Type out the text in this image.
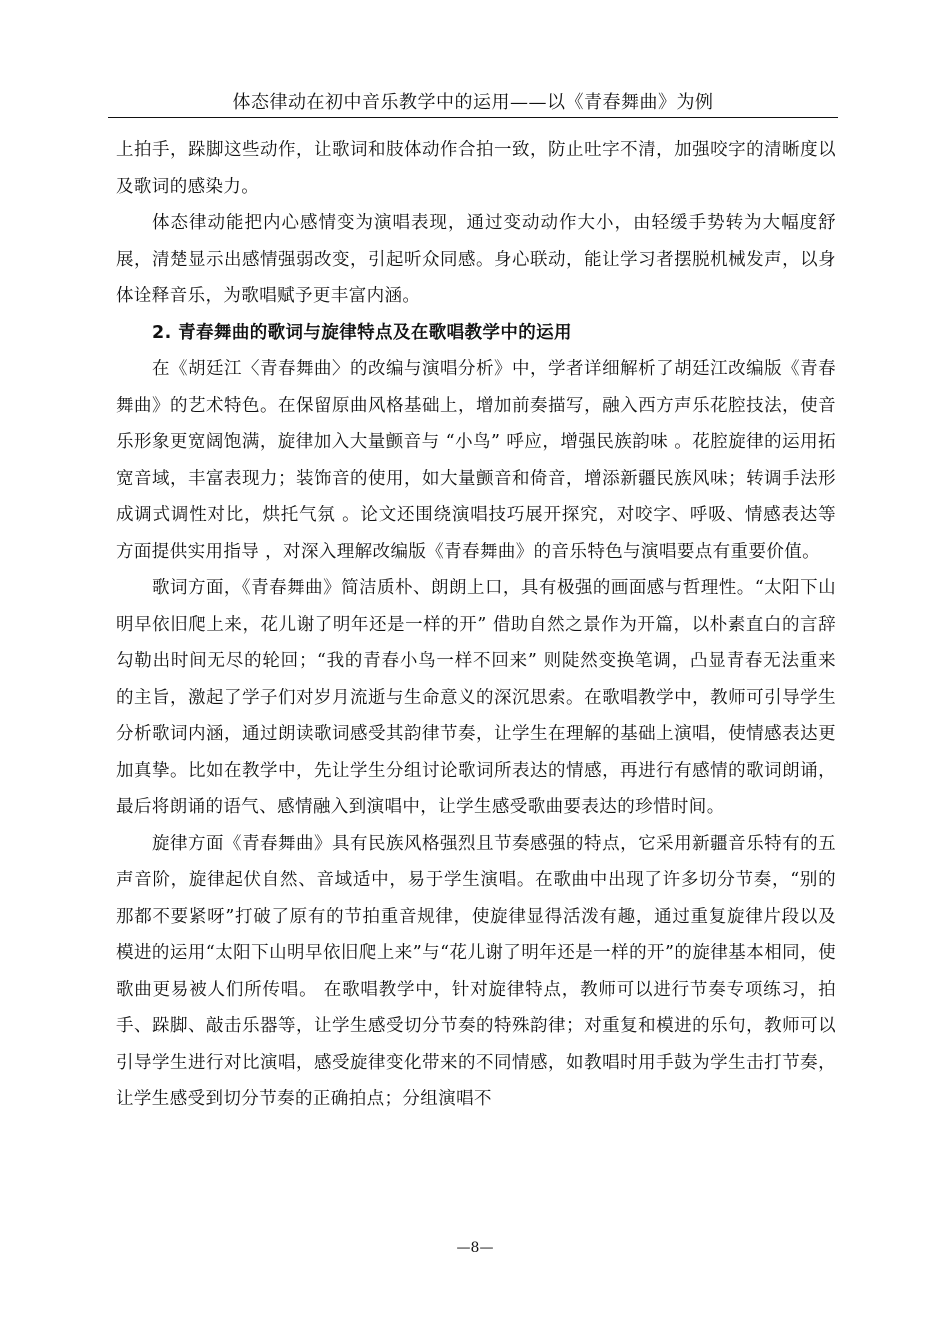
体态律动在初中音乐教学中的运用——以《青春舞曲》为例

上拍手，跺脚这些动作，让歌词和肢体动作合拍一致，防止吐字不清，加强咬字的清晰度以及歌词的感染力。

体态律动能把内心感情变为演唱表现，通过变动动作大小，由轻缓手势转为大幅度舒展，清楚显示出感情强弱改变，引起听众同感。身心联动，能让学习者摆脱机械发声，以身体诠释音乐，为歌唱赋予更丰富内涵。

2. 青春舞曲的歌词与旋律特点及在歌唱教学中的运用

在《胡廷江〈青春舞曲〉的改编与演唱分析》中，学者详细解析了胡廷江改编版《青春舞曲》的艺术特色。在保留原曲风格基础上，增加前奏描写，融入西方声乐花腔技法，使音乐形象更宽阔饱满，旋律加入大量颤音与 “小鸟” 呼应，增强民族韵味 。花腔旋律的运用拓宽音域，丰富表现力；装饰音的使用，如大量颤音和倚音，增添新疆民族风味；转调手法形成调式调性对比，烘托气氛 。论文还围绕演唱技巧展开探究，对咬字、呼吸、情感表达等方面提供实用指导 ，对深入理解改编版《青春舞曲》的音乐特色与演唱要点有重要价值。

歌词方面，《青春舞曲》简洁质朴、朗朗上口，具有极强的画面感与哲理性。“太阳下山明早依旧爬上来，花儿谢了明年还是一样的开” 借助自然之景作为开篇，以朴素直白的言辞勾勒出时间无尽的轮回；“我的青春小鸟一样不回来” 则陡然变换笔调，凸显青春无法重来的主旨，激起了学子们对岁月流逝与生命意义的深沉思索。在歌唱教学中，教师可引导学生分析歌词内涵，通过朗读歌词感受其韵律节奏，让学生在理解的基础上演唱，使情感表达更加真挚。比如在教学中，先让学生分组讨论歌词所表达的情感，再进行有感情的歌词朗诵，最后将朗诵的语气、感情融入到演唱中，让学生感受歌曲要表达的珍惜时间。

旋律方面《青春舞曲》具有民族风格强烈且节奏感强的特点，它采用新疆音乐特有的五声音阶，旋律起伏自然、音域适中，易于学生演唱。在歌曲中出现了许多切分节奏，“别的那都不要紧呀”打破了原有的节拍重音规律，使旋律显得活泼有趣，通过重复旋律片段以及模进的运用“太阳下山明早依旧爬上来”与“花儿谢了明年还是一样的开”的旋律基本相同，使歌曲更易被人们所传唱。 在歌唱教学中，针对旋律特点，教师可以进行节奏专项练习，拍手、跺脚、敲击乐器等，让学生感受切分节奏的特殊韵律；对重复和模进的乐句，教师可以引导学生进行对比演唱，感受旋律变化带来的不同情感，如教唱时用手鼓为学生击打节奏，让学生感受到切分节奏的正确拍点；分组演唱不

—8—
